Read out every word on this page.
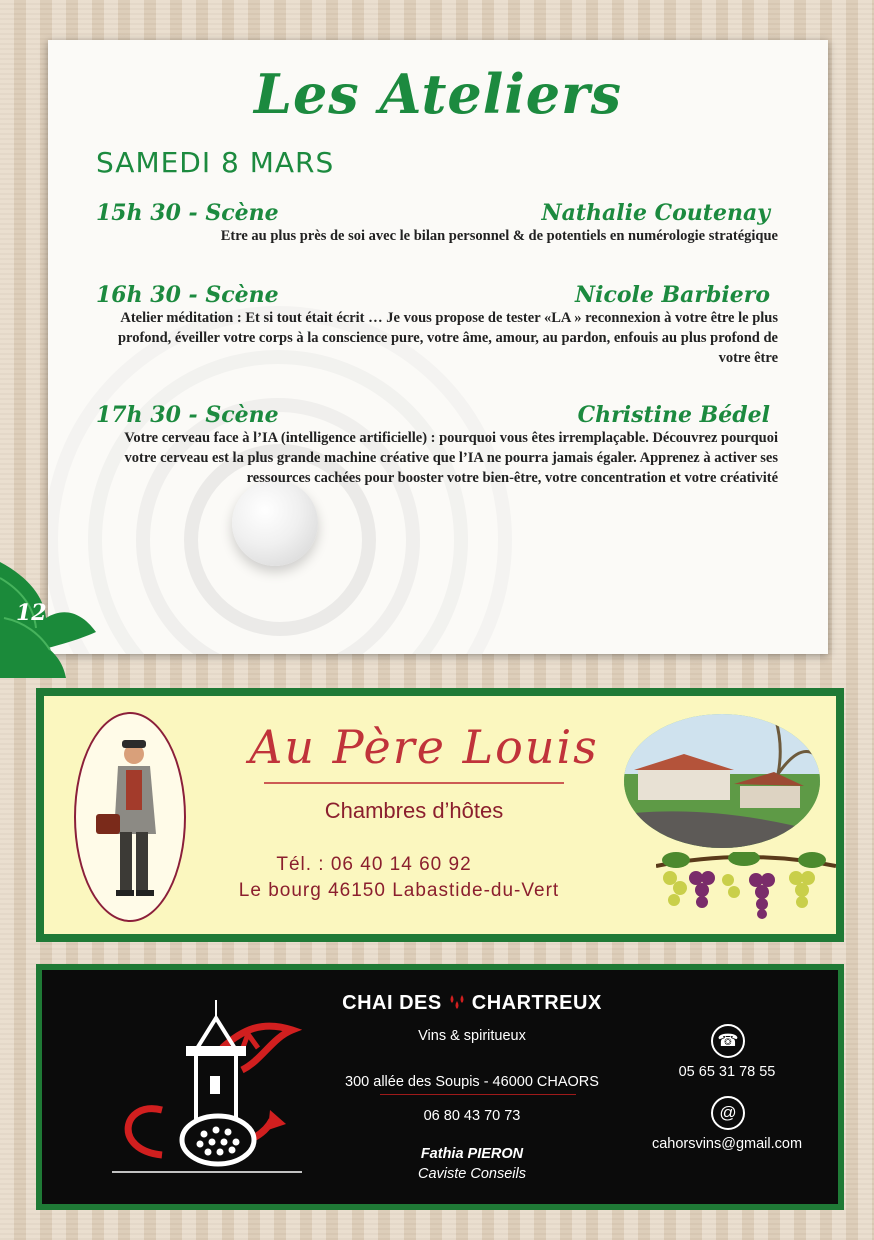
Les Ateliers
SAMEDI 8 MARS
15h 30 - Scène	Nathalie Coutenay
Etre au plus près de soi avec le bilan personnel & de potentiels en numérologie stratégique
16h 30 - Scène	Nicole Barbiero
Atelier méditation : Et si tout était écrit … Je vous propose de tester «LA » reconnexion à votre être le plus profond, éveiller votre corps à la conscience pure, votre âme, amour, au pardon, enfouis au plus profond de votre être
17h 30 - Scène	Christine Bédel
Votre cerveau face à l’IA (intelligence artificielle) : pourquoi vous êtes irremplaçable. Découvrez pourquoi votre cerveau est la plus grande machine créative que l’IA ne pourra jamais égaler. Apprenez à activer ses ressources cachées pour booster votre bien-être, votre concentration et votre créativité
12
Au Père Louis
Chambres d’hôtes
Tél. : 06 40 14 60 92
Le bourg 46150 Labastide-du-Vert
CHAI DES CHARTREUX
Vins & spiritueux
300 allée des Soupis - 46000 CHAORS
06 80 43 70 73
Fathia PIERON
Caviste Conseils
☎
05 65 31 78 55
@
cahorsvins@gmail.com
